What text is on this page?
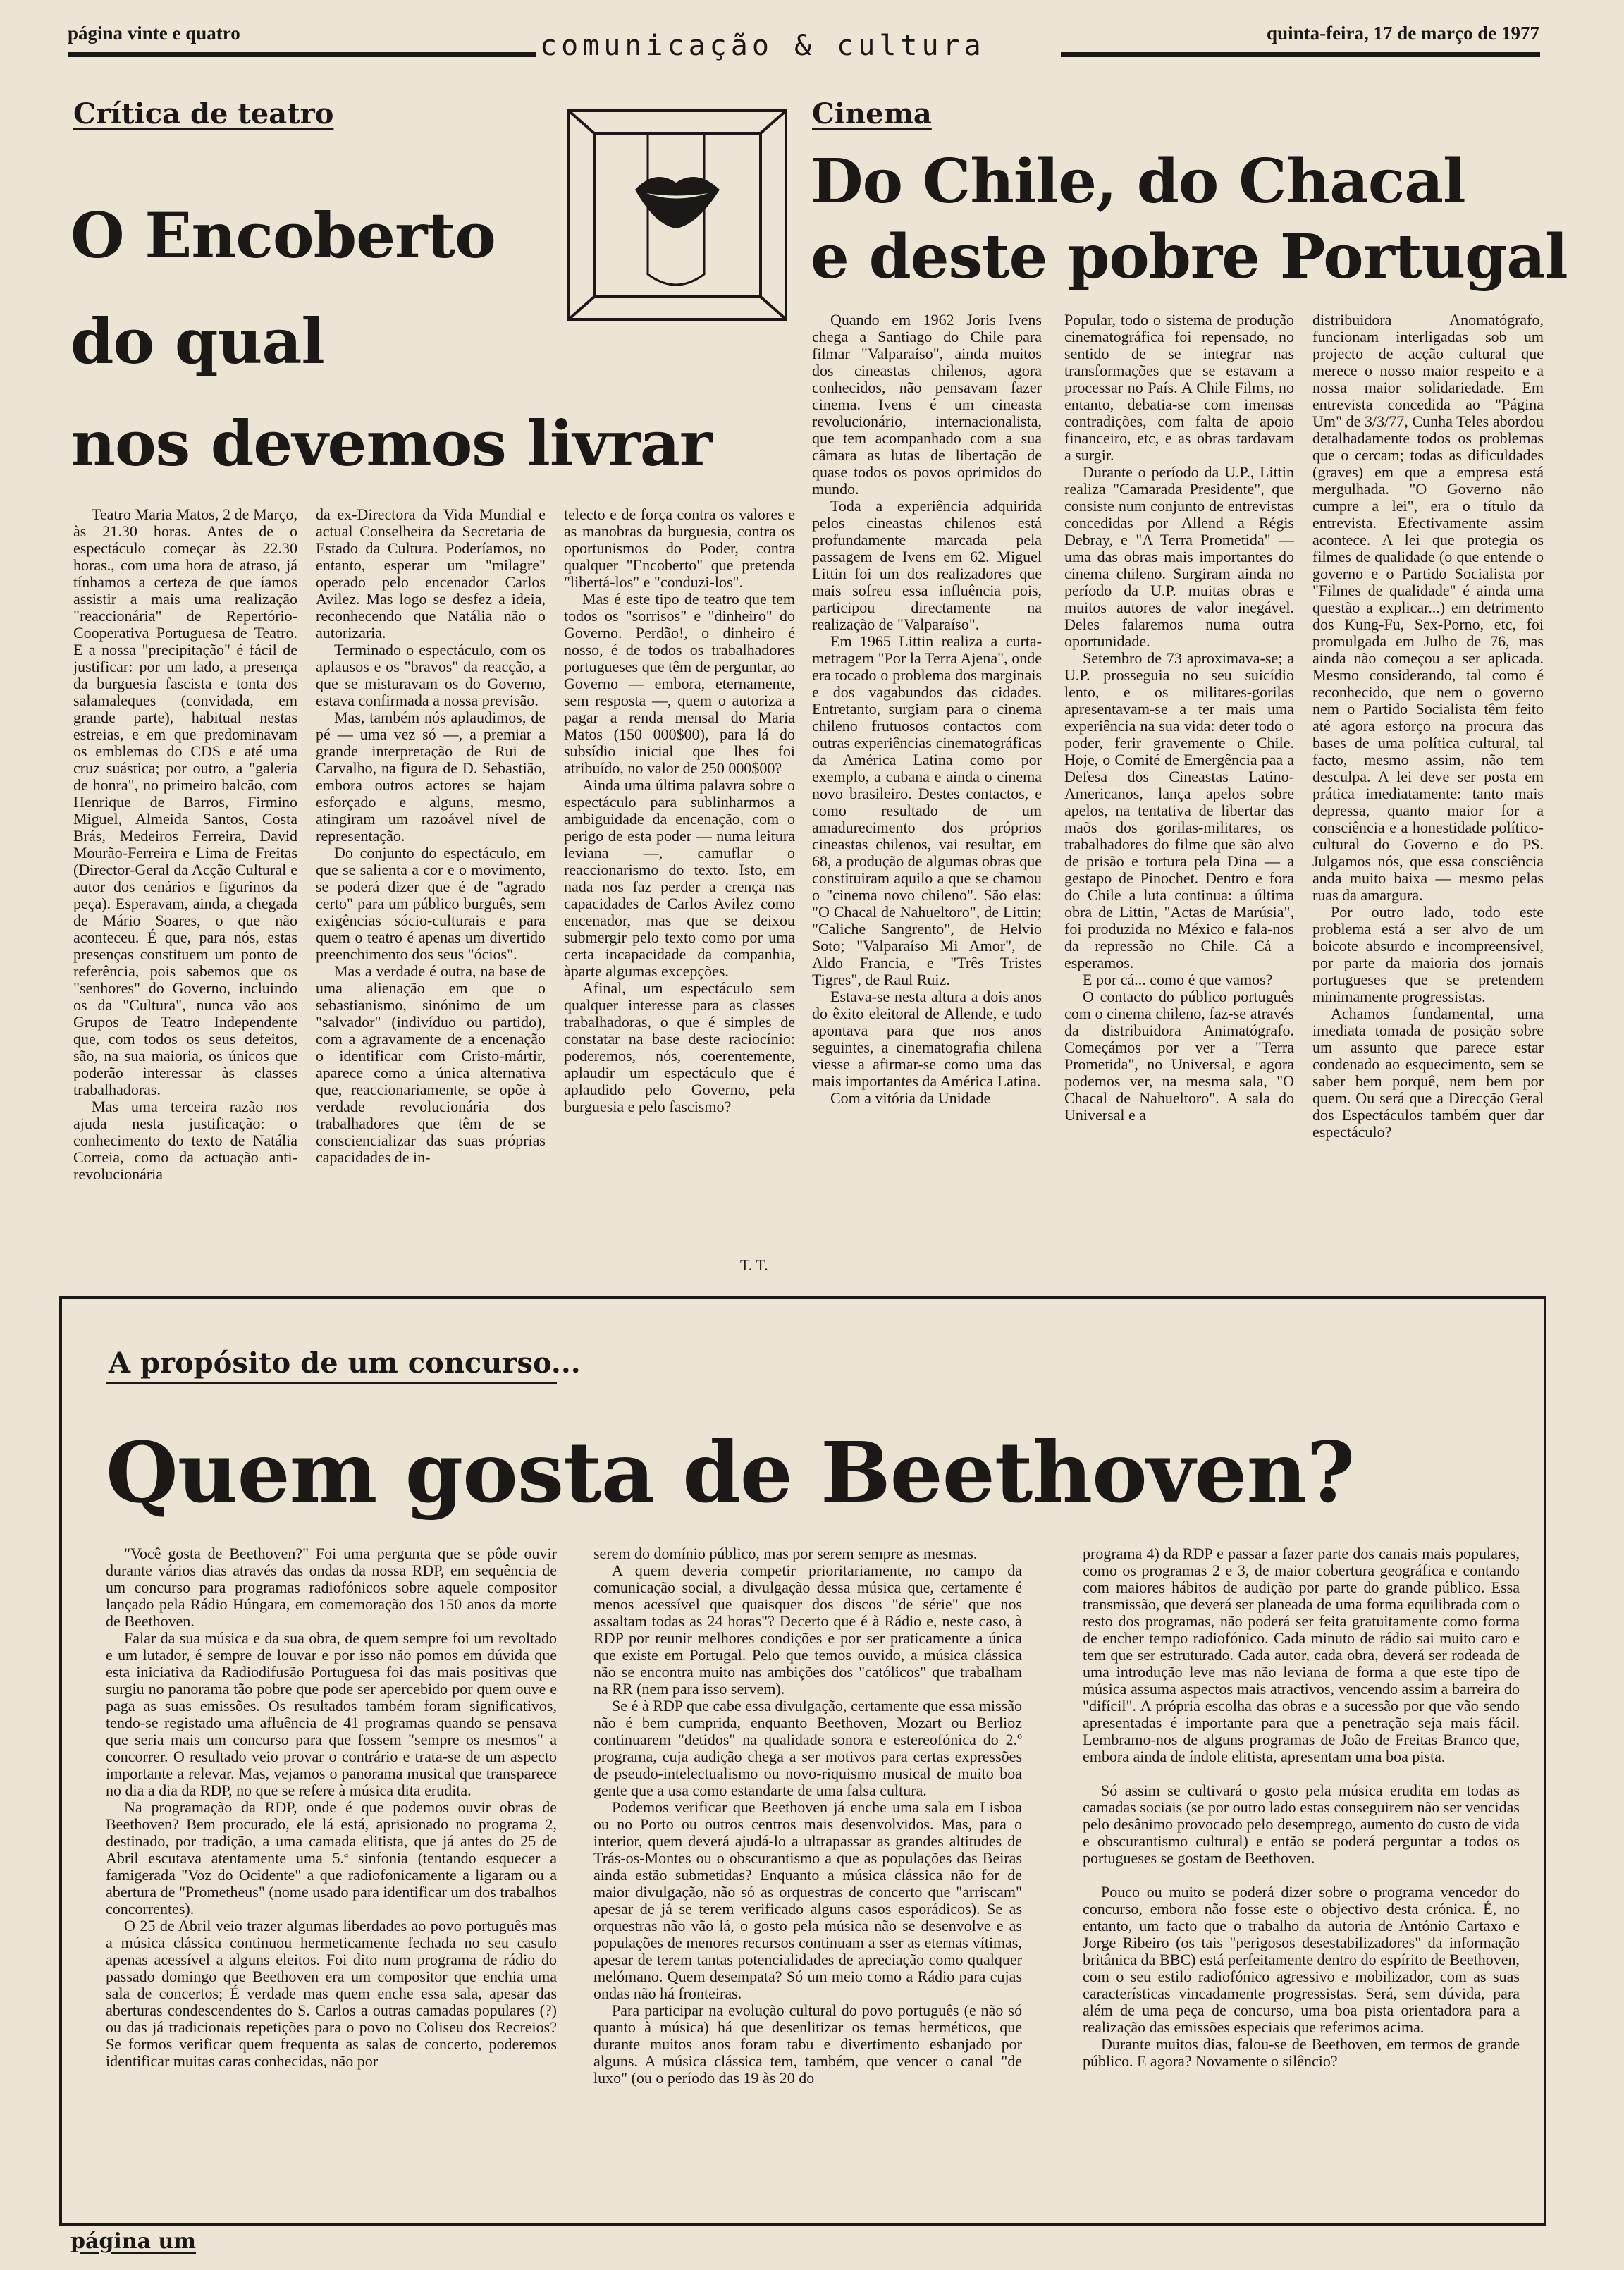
página vinte e quatro	quinta-feira, 17 de março de 1977
comunicação & cultura
Crítica de teatro
O Encoberto
do qual
nos devemos livrar

Teatro Maria Matos, 2 de Março, às 21.30 horas. Antes de o espectáculo começar às 22.30 horas., com uma hora de atraso, já tínhamos a certeza de que íamos assistir a mais uma realização "reaccionária" de Repertório-Cooperativa Portuguesa de Teatro. E a nossa "precipitação" é fácil de justificar: por um lado, a presença da burguesia fascista e tonta dos salamaleques (convidada, em grande parte), habitual nestas estreias, e em que predominavam os emblemas do CDS e até uma cruz suástica; por outro, a "galeria de honra", no primeiro balcão, com Henrique de Barros, Firmino Miguel, Almeida Santos, Costa Brás, Medeiros Ferreira, David Mourão-Ferreira e Lima de Freitas (Director-Geral da Acção Cultural e autor dos cenários e figurinos da peça). Esperavam, ainda, a chegada de Mário Soares, o que não aconteceu. É que, para nós, estas presenças constituem um ponto de referência, pois sabemos que os "senhores" do Governo, incluindo os da "Cultura", nunca vão aos Grupos de Teatro Independente que, com todos os seus defeitos, são, na sua maioria, os únicos que poderão interessar às classes trabalhadoras.

Mas uma terceira razão nos ajuda nesta justificação: o conhecimento do texto de Natália Correia, como da actuação anti-revolucionária

da ex-Directora da Vida Mundial e actual Conselheira da Secretaria de Estado da Cultura. Poderíamos, no entanto, esperar um "milagre" operado pelo encenador Carlos Avilez. Mas logo se desfez a ideia, reconhecendo que Natália não o autorizaria.

Terminado o espectáculo, com os aplausos e os "bravos" da reacção, a que se misturavam os do Governo, estava confirmada a nossa previsão.

Mas, também nós aplaudimos, de pé — uma vez só —, a premiar a grande interpretação de Rui de Carvalho, na figura de D. Sebastião, embora outros actores se hajam esforçado e alguns, mesmo, atingiram um razoável nível de representação.

Do conjunto do espectáculo, em que se salienta a cor e o movimento, se poderá dizer que é de "agrado certo" para um público burguês, sem exigências sócio-culturais e para quem o teatro é apenas um divertido preenchimento dos seus "ócios".

Mas a verdade é outra, na base de uma alienação em que o sebastianismo, sinónimo de um "salvador" (indivíduo ou partido), com a agravamente de a encenação o identificar com Cristo-mártir, aparece como a única alternativa que, reaccionariamente, se opõe à verdade revolucionária dos trabalhadores que têm de se consciencializar das suas próprias capacidades de in-

telecto e de força contra os valores e as manobras da burguesia, contra os oportunismos do Poder, contra qualquer "Encoberto" que pretenda "libertá-los" e "conduzi-los".

Mas é este tipo de teatro que tem todos os "sorrisos" e "dinheiro" do Governo. Perdão!, o dinheiro é nosso, é de todos os trabalhadores portugueses que têm de perguntar, ao Governo — embora, eternamente, sem resposta —, quem o autoriza a pagar a renda mensal do Maria Matos (150 000$00), para lá do subsídio inicial que lhes foi atribuído, no valor de 250 000$00?

Ainda uma última palavra sobre o espectáculo para sublinharmos a ambiguidade da encenação, com o perigo de esta poder — numa leitura leviana —, camuflar o reaccionarismo do texto. Isto, em nada nos faz perder a crença nas capacidades de Carlos Avilez como encenador, mas que se deixou submergir pelo texto como por uma certa incapacidade da companhia, àparte algumas excepções.

Afinal, um espectáculo sem qualquer interesse para as classes trabalhadoras, o que é simples de constatar na base deste raciocínio: poderemos, nós, coerentemente, aplaudir um espectáculo que é aplaudido pelo Governo, pela burguesia e pelo fascismo?

T. T.
Cinema
Do Chile, do Chacal
e deste pobre Portugal

Quando em 1962 Joris Ivens chega a Santiago do Chile para filmar "Valparaíso", ainda muitos dos cineastas chilenos, agora conhecidos, não pensavam fazer cinema. Ivens é um cineasta revolucionário, internacionalista, que tem acompanhado com a sua câmara as lutas de libertação de quase todos os povos oprimidos do mundo.

Toda a experiência adquirida pelos cineastas chilenos está profundamente marcada pela passagem de Ivens em 62. Miguel Littin foi um dos realizadores que mais sofreu essa influência pois, participou directamente na realização de "Valparaíso".

Em 1965 Littin realiza a curta-metragem "Por la Terra Ajena", onde era tocado o problema dos marginais e dos vagabundos das cidades. Entretanto, surgiam para o cinema chileno frutuosos contactos com outras experiências cinematográficas da América Latina como por exemplo, a cubana e ainda o cinema novo brasileiro. Destes contactos, e como resultado de um amadurecimento dos próprios cineastas chilenos, vai resultar, em 68, a produção de algumas obras que constituiram aquilo a que se chamou o "cinema novo chileno". São elas: "O Chacal de Nahueltoro", de Littin; "Caliche Sangrento", de Helvio Soto; "Valparaíso Mi Amor", de Aldo Francia, e "Três Tristes Tigres", de Raul Ruiz.

Estava-se nesta altura a dois anos do êxito eleitoral de Allende, e tudo apontava para que nos anos seguintes, a cinematografia chilena viesse a afirmar-se como uma das mais importantes da América Latina.

Com a vitória da Unidade

Popular, todo o sistema de produção cinematográfica foi repensado, no sentido de se integrar nas transformações que se estavam a processar no País. A Chile Films, no entanto, debatia-se com imensas contradições, com falta de apoio financeiro, etc, e as obras tardavam a surgir.

Durante o período da U.P., Littin realiza "Camarada Presidente", que consiste num conjunto de entrevistas concedidas por Allend a Régis Debray, e "A Terra Prometida" — uma das obras mais importantes do cinema chileno. Surgiram ainda no período da U.P. muitas obras e muitos autores de valor inegável. Deles falaremos numa outra oportunidade.

Setembro de 73 aproximava-se; a U.P. prosseguia no seu suicídio lento, e os militares-gorilas apresentavam-se a ter mais uma experiência na sua vida: deter todo o poder, ferir gravemente o Chile. Hoje, o Comité de Emergência paa a Defesa dos Cineastas Latino-Americanos, lança apelos sobre apelos, na tentativa de libertar das maõs dos gorilas-militares, os trabalhadores do filme que são alvo de prisão e tortura pela Dina — a gestapo de Pinochet. Dentro e fora do Chile a luta continua: a última obra de Littin, "Actas de Marúsia", foi produzida no México e fala-nos da repressão no Chile. Cá a esperamos.

E por cá... como é que vamos?

O contacto do público português com o cinema chileno, faz-se através da distribuidora Animatógrafo. Começámos por ver a "Terra Prometida", no Universal, e agora podemos ver, na mesma sala, "O Chacal de Nahueltoro". A sala do Universal e a

distribuidora Anomatógrafo, funcionam interligadas sob um projecto de acção cultural que merece o nosso maior respeito e a nossa maior solidariedade. Em entrevista concedida ao "Página Um" de 3/3/77, Cunha Teles abordou detalhadamente todos os problemas que o cercam; todas as dificuldades (graves) em que a empresa está mergulhada. "O Governo não cumpre a lei", era o título da entrevista. Efectivamente assim acontece. A lei que protegia os filmes de qualidade (o que entende o governo e o Partido Socialista por "Filmes de qualidade" é ainda uma questão a explicar...) em detrimento dos Kung-Fu, Sex-Porno, etc, foi promulgada em Julho de 76, mas ainda não começou a ser aplicada. Mesmo considerando, tal como é reconhecido, que nem o governo nem o Partido Socialista têm feito até agora esforço na procura das bases de uma política cultural, tal facto, mesmo assim, não tem desculpa. A lei deve ser posta em prática imediatamente: tanto mais depressa, quanto maior for a consciência e a honestidade político-cultural do Governo e do PS. Julgamos nós, que essa consciência anda muito baixa — mesmo pelas ruas da amargura.

Por outro lado, todo este problema está a ser alvo de um boicote absurdo e incompreensível, por parte da maioria dos jornais portugueses que se pretendem minimamente progressistas.

Achamos fundamental, uma imediata tomada de posição sobre um assunto que parece estar condenado ao esquecimento, sem se saber bem porquê, nem bem por quem. Ou será que a Direcção Geral dos Espectáculos também quer dar espectáculo?

A propósito de um concurso...
Quem gosta de Beethoven?

"Você gosta de Beethoven?" Foi uma pergunta que se pôde ouvir durante vários dias através das ondas da nossa RDP, em sequência de um concurso para programas radiofónicos sobre aquele compositor lançado pela Rádio Húngara, em comemoração dos 150 anos da morte de Beethoven.

Falar da sua música e da sua obra, de quem sempre foi um revoltado e um lutador, é sempre de louvar e por isso não pomos em dúvida que esta iniciativa da Radiodifusão Portuguesa foi das mais positivas que surgiu no panorama tão pobre que pode ser apercebido por quem ouve e paga as suas emissões. Os resultados também foram significativos, tendo-se registado uma afluência de 41 programas quando se pensava que seria mais um concurso para que fossem "sempre os mesmos" a concorrer. O resultado veio provar o contrário e trata-se de um aspecto importante a relevar. Mas, vejamos o panorama musical que transparece no dia a dia da RDP, no que se refere à música dita erudita.

Na programação da RDP, onde é que podemos ouvir obras de Beethoven? Bem procurado, ele lá está, aprisionado no programa 2, destinado, por tradição, a uma camada elitista, que já antes do 25 de Abril escutava atentamente uma 5.ª sinfonia (tentando esquecer a famigerada "Voz do Ocidente" a que radiofonicamente a ligaram ou a abertura de "Prometheus" (nome usado para identificar um dos trabalhos concorrentes).

O 25 de Abril veio trazer algumas liberdades ao povo português mas a música clássica continuou hermeticamente fechada no seu casulo apenas acessível a alguns eleitos. Foi dito num programa de rádio do passado domingo que Beethoven era um compositor que enchia uma sala de concertos; É verdade mas quem enche essa sala, apesar das aberturas condescendentes do S. Carlos a outras camadas populares (?) ou das já tradicionais repetições para o povo no Coliseu dos Recreios? Se formos verificar quem frequenta as salas de concerto, poderemos identificar muitas caras conhecidas, não por

serem do domínio público, mas por serem sempre as mesmas.

A quem deveria competir prioritariamente, no campo da comunicação social, a divulgação dessa música que, certamente é menos acessível que quaisquer dos discos "de série" que nos assaltam todas as 24 horas"? Decerto que é à Rádio e, neste caso, à RDP por reunir melhores condições e por ser praticamente a única que existe em Portugal. Pelo que temos ouvido, a música clássica não se encontra muito nas ambições dos "católicos" que trabalham na RR (nem para isso servem).

Se é à RDP que cabe essa divulgação, certamente que essa missão não é bem cumprida, enquanto Beethoven, Mozart ou Berlioz continuarem "detidos" na qualidade sonora e estereofónica do 2.º programa, cuja audição chega a ser motivos para certas expressões de pseudo-intelectualismo ou novo-riquismo musical de muito boa gente que a usa como estandarte de uma falsa cultura.

Podemos verificar que Beethoven já enche uma sala em Lisboa ou no Porto ou outros centros mais desenvolvidos. Mas, para o interior, quem deverá ajudá-lo a ultrapassar as grandes altitudes de Trás-os-Montes ou o obscurantismo a que as populações das Beiras ainda estão submetidas? Enquanto a música clássica não for de maior divulgação, não só as orquestras de concerto que "arriscam" apesar de já se terem verificado alguns casos esporádicos). Se as orquestras não vão lá, o gosto pela música não se desenvolve e as populações de menores recursos continuam a sser as eternas vítimas, apesar de terem tantas potencialidades de apreciação como qualquer melómano. Quem desempata? Só um meio como a Rádio para cujas ondas não há fronteiras.

Para participar na evolução cultural do povo português (e não só quanto à música) há que desenlitizar os temas herméticos, que durante muitos anos foram tabu e divertimento esbanjado por alguns. A música clássica tem, também, que vencer o canal "de luxo" (ou o período das 19 às 20 do

programa 4) da RDP e passar a fazer parte dos canais mais populares, como os programas 2 e 3, de maior cobertura geográfica e contando com maiores hábitos de audição por parte do grande público. Essa transmissão, que deverá ser planeada de uma forma equilibrada com o resto dos programas, não poderá ser feita gratuitamente como forma de encher tempo radiofónico. Cada minuto de rádio sai muito caro e tem que ser estruturado. Cada autor, cada obra, deverá ser rodeada de uma introdução leve mas não leviana de forma a que este tipo de música assuma aspectos mais atractivos, vencendo assim a barreira do "difícil". A própria escolha das obras e a sucessão por que vão sendo apresentadas é importante para que a penetração seja mais fácil. Lembramo-nos de alguns programas de João de Freitas Branco que, embora ainda de índole elitista, apresentam uma boa pista.

Só assim se cultivará o gosto pela música erudita em todas as camadas sociais (se por outro lado estas conseguirem não ser vencidas pelo desânimo provocado pelo desemprego, aumento do custo de vida e obscurantismo cultural) e então se poderá perguntar a todos os portugueses se gostam de Beethoven.

Pouco ou muito se poderá dizer sobre o programa vencedor do concurso, embora não fosse este o objectivo desta crónica. É, no entanto, um facto que o trabalho da autoria de António Cartaxo e Jorge Ribeiro (os tais "perigosos desestabilizadores" da informação britânica da BBC) está perfeitamente dentro do espírito de Beethoven, com o seu estilo radiofónico agressivo e mobilizador, com as suas características vincadamente progressistas. Será, sem dúvida, para além de uma peça de concurso, uma boa pista orientadora para a realização das emissões especiais que referimos acima.

Durante muitos dias, falou-se de Beethoven, em termos de grande público. E agora? Novamente o silêncio?

página um
